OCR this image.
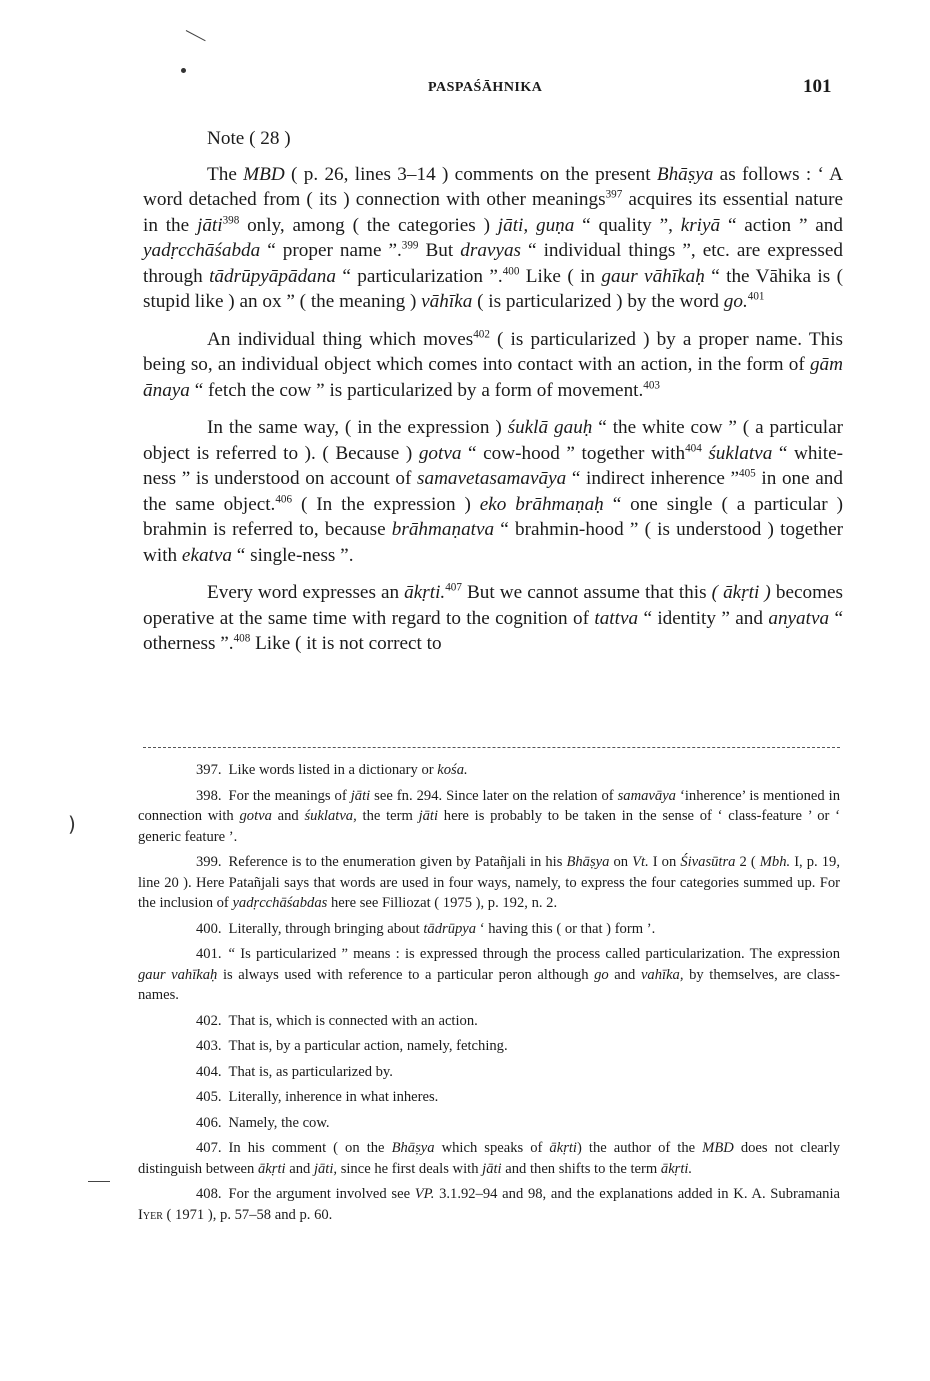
)
PASPAŚĀHNIKA	101

Note ( 28 )

The MBD ( p. 26, lines 3–14 ) comments on the present Bhāṣya as follows : ‘ A word detached from ( its ) connection with other meanings$^{397}$ acquires its essential nature in the jāti$^{398}$ only, among ( the categories ) jāti, guṇa “ quality ”, kriyā “ action ” and yadṛcchāśabda “ proper name ”.$^{399}$ But dravyas “ individual things ”, etc. are expressed through tādrūpyāpādana “ particularization ”.$^{400}$ Like ( in gaur vāhīkaḥ “ the Vāhika is ( stupid like ) an ox ” ( the meaning ) vāhīka ( is particularized ) by the word go.$^{401}$

An individual thing which moves$^{402}$ ( is particularized ) by a proper name. This being so, an individual object which comes into contact with an action, in the form of gām ānaya “ fetch the cow ” is particularized by a form of movement.$^{403}$

In the same way, ( in the expression ) śuklā gauḥ “ the white cow ” ( a particular object is referred to ). ( Because ) gotva “ cow-hood ” together with$^{404}$ śuklatva “ white-ness ” is understood on account of samavetasamavāya “ indirect inherence ”$^{405}$ in one and the same object.$^{406}$ ( In the expression ) eko brāhmaṇaḥ “ one single ( a particular ) brahmin is referred to, because brāhmaṇatva “ brahmin-hood ” ( is understood ) together with ekatva “ single-ness ”.

Every word expresses an ākṛti.$^{407}$ But we cannot assume that this ( ākṛti ) becomes operative at the same time with regard to the cognition of tattva “ identity ” and anyatva “ otherness ”.$^{408}$ Like ( it is not correct to

397. Like words listed in a dictionary or kośa.

398. For the meanings of jāti see fn. 294. Since later on the relation of samavāya ‘inherence’ is mentioned in connection with gotva and śuklatva, the term jāti here is probably to be taken in the sense of ‘ class-feature ’ or ‘ generic feature ’.

399. Reference is to the enumeration given by Patañjali in his Bhāṣya on Vt. I on Śivasūtra 2 ( Mbh. I, p. 19, line 20 ). Here Patañjali says that words are used in four ways, namely, to express the four categories summed up. For the inclusion of yadṛcchāśabdas here see Filliozat ( 1975 ), p. 192, n. 2.

400. Literally, through bringing about tādrūpya ‘ having this ( or that ) form ’.

401. “ Is particularized ” means : is expressed through the process called particularization. The expression gaur vahīkaḥ is always used with reference to a particular peron although go and vahīka, by themselves, are class-names.

402. That is, which is connected with an action.

403. That is, by a particular action, namely, fetching.

404. That is, as particularized by.

405. Literally, inherence in what inheres.

406. Namely, the cow.

407. In his comment ( on the Bhāṣya which speaks of ākṛti) the author of the MBD does not clearly distinguish between ākṛti and jāti, since he first deals with jāti and then shifts to the term ākṛti.

408. For the argument involved see VP. 3.1.92–94 and 98, and the explanations added in K. A. Subramania Iyer ( 1971 ), p. 57–58 and p. 60.
